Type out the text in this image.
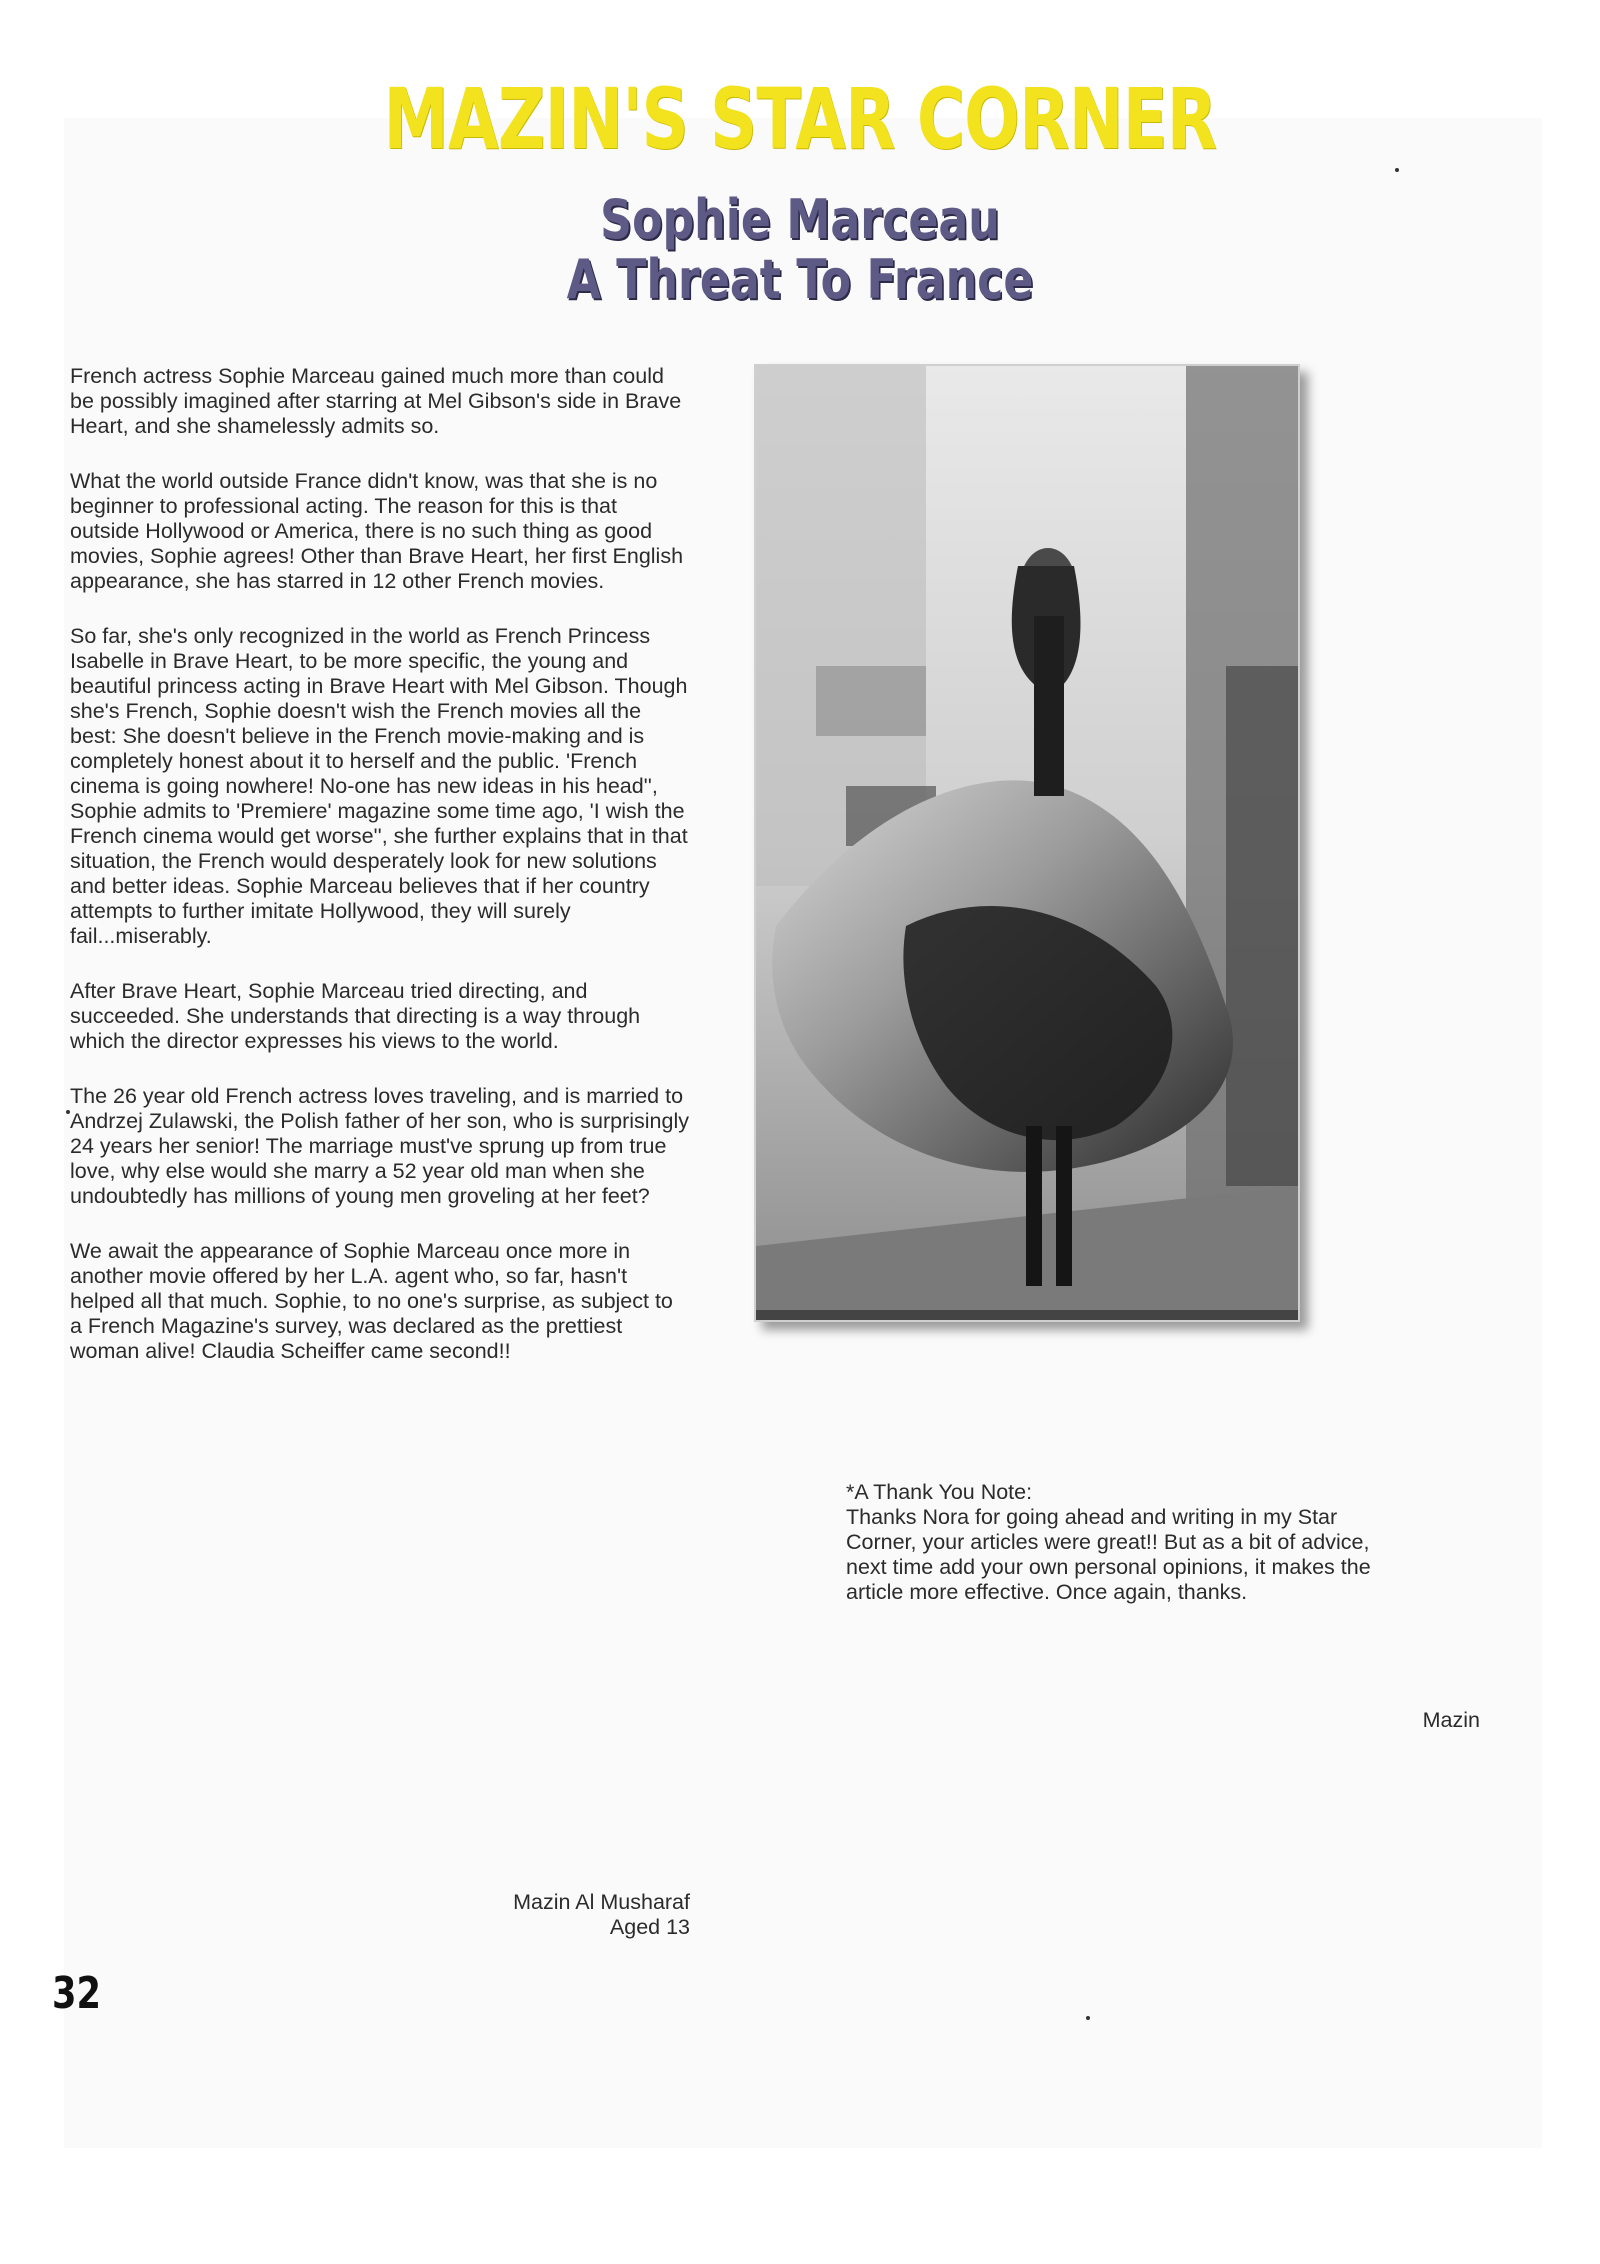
MAZIN'S STAR CORNER
Sophie Marceau
A Threat To France

French actress Sophie Marceau gained much more than could be possibly imagined after starring at Mel Gibson's side in Brave Heart, and she shamelessly admits so.

What the world outside France didn't know, was that she is no beginner to professional acting. The reason for this is that outside Hollywood or America, there is no such thing as good movies, Sophie agrees! Other than Brave Heart, her first English appearance, she has starred in 12 other French movies.

So far, she's only recognized in the world as French Princess Isabelle in Brave Heart, to be more specific, the young and beautiful princess acting in Brave Heart with Mel Gibson. Though she's French, Sophie doesn't wish the French movies all the best: She doesn't believe in the French movie-making and is completely honest about it to herself and the public. 'French cinema is going nowhere! No-one has new ideas in his head'', Sophie admits to 'Premiere' magazine some time ago, 'I wish the French cinema would get worse'', she further explains that in that situation, the French would desperately look for new solutions and better ideas. Sophie Marceau believes that if her country attempts to further imitate Hollywood, they will surely fail...miserably.

After Brave Heart, Sophie Marceau tried directing, and succeeded. She understands that directing is a way through which the director expresses his views to the world.

The 26 year old French actress loves traveling, and is married to Andrzej Zulawski, the Polish father of her son, who is surprisingly 24 years her senior! The marriage must've sprung up from true love, why else would she marry a 52 year old man when she undoubtedly has millions of young men groveling at her feet?

We await the appearance of Sophie Marceau once more in another movie offered by her L.A. agent who, so far, hasn't helped all that much. Sophie, to no one's surprise, as subject to a French Magazine's survey, was declared as the prettiest woman alive! Claudia Scheiffer came second!!

Mazin Al Musharaf
Aged 13
*A Thank You Note:
Thanks Nora for going ahead and writing in my Star Corner, your articles were great!! But as a bit of advice, next time add your own personal opinions, it makes the article more effective. Once again, thanks.
Mazin
32
